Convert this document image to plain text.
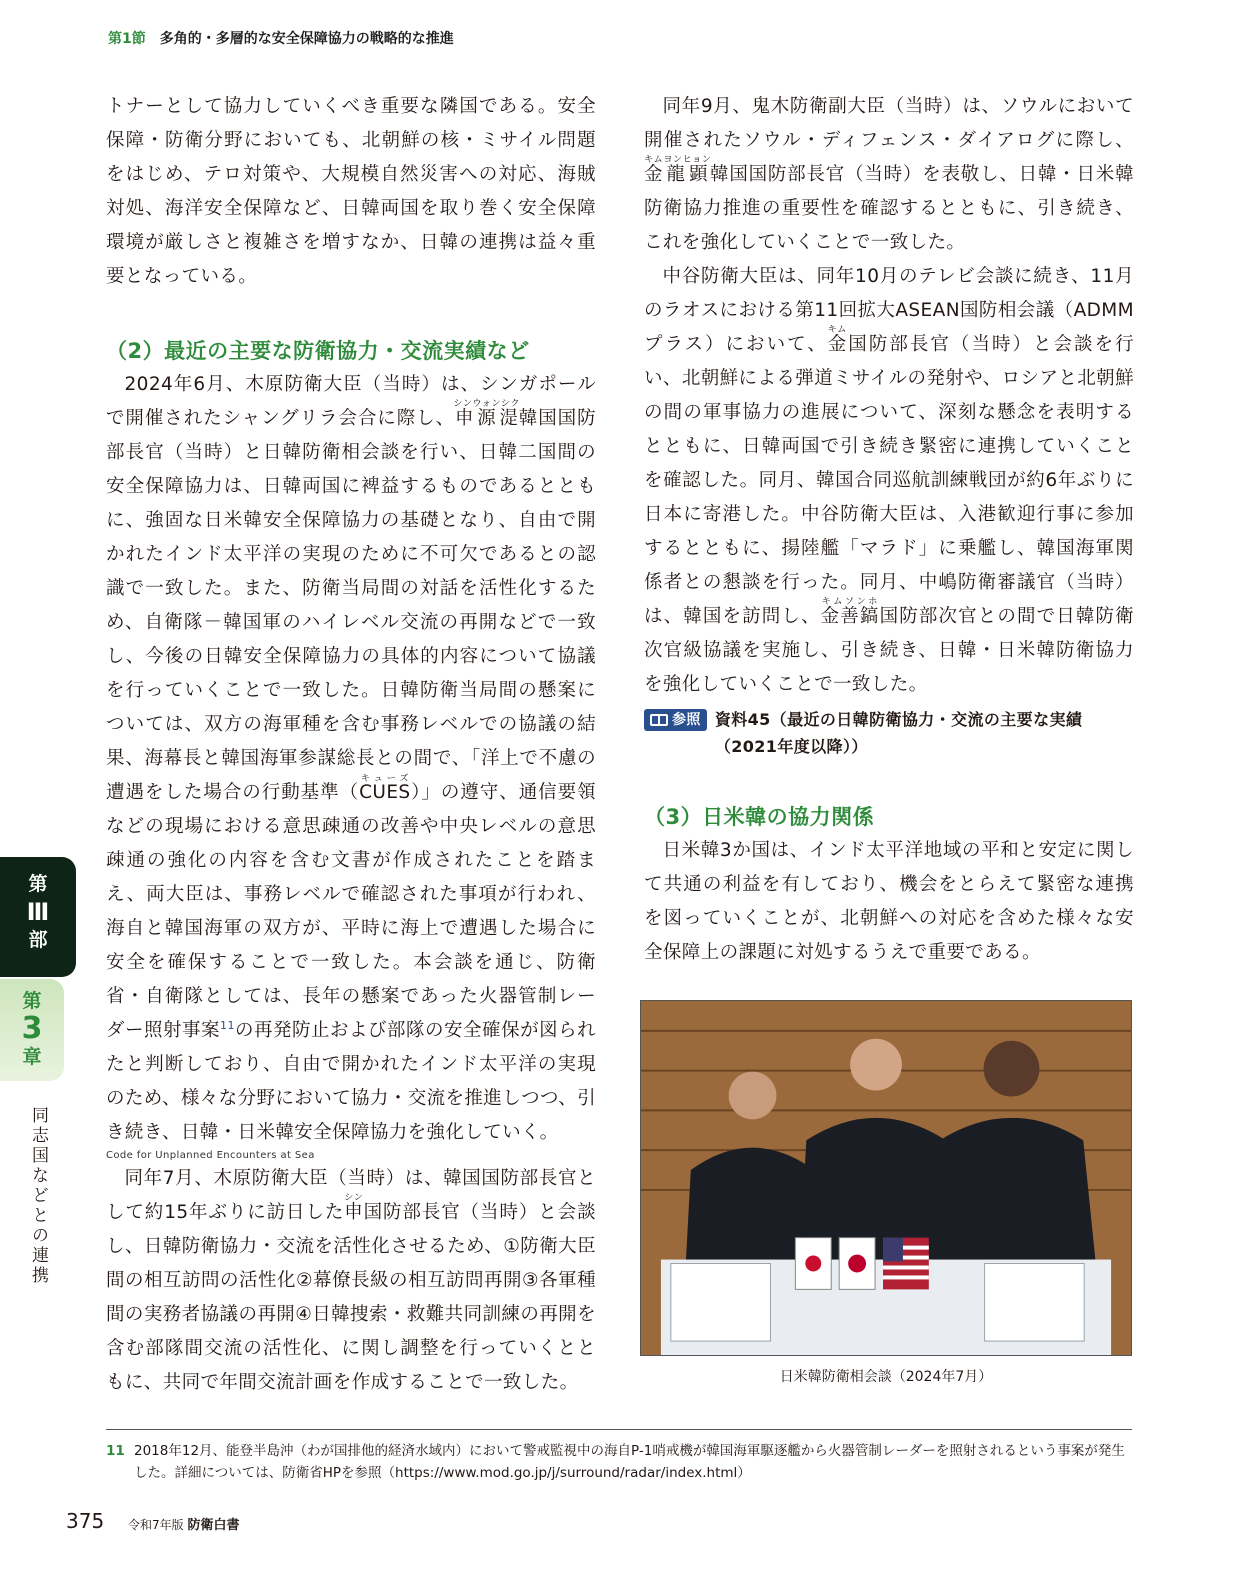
第1節 多角的・多層的な安全保障協力の戦略的な推進

トナーとして協力していくべき重要な隣国である。安全保障・防衛分野においても、北朝鮮の核・ミサイル問題をはじめ、テロ対策や、大規模自然災害への対応、海賊対処、海洋安全保障など、日韓両国を取り巻く安全保障環境が厳しさと複雑さを増すなか、日韓の連携は益々重要となっている。

（2）最近の主要な防衛協力・交流実績など

2024年6月、木原防衛大臣（当時）は、シンガポールで開催されたシャングリラ会合に際し、申源湜シンウォンシク韓国国防部長官（当時）と日韓防衛相会談を行い、日韓二国間の安全保障協力は、日韓両国に裨益するものであるとともに、強固な日米韓安全保障協力の基礎となり、自由で開かれたインド太平洋の実現のために不可欠であるとの認識で一致した。また、防衛当局間の対話を活性化するため、自衛隊－韓国軍のハイレベル交流の再開などで一致し、今後の日韓安全保障協力の具体的内容について協議を行っていくことで一致した。日韓防衛当局間の懸案については、双方の海軍種を含む事務レベルでの協議の結果、海幕長と韓国海軍参謀総長との間で、「洋上で不慮の遭遇をした場合の行動基準（CUESキューズ）」の遵守、通信要領などの現場における意思疎通の改善や中央レベルの意思疎通の強化の内容を含む文書が作成されたことを踏まえ、両大臣は、事務レベルで確認された事項が行われ、海自と韓国海軍の双方が、平時に海上で遭遇した場合に安全を確保することで一致した。本会談を通じ、防衛省・自衛隊としては、長年の懸案であった火器管制レーダー照射事案$^{11}$の再発防止および部隊の安全確保が図られたと判断しており、自由で開かれたインド太平洋の実現のため、様々な分野において協力・交流を推進しつつ、引き続き、日韓・日米韓安全保障協力を強化していく。
Code for Unplanned Encounters at Sea

同年7月、木原防衛大臣（当時）は、韓国国防部長官として約15年ぶりに訪日した申シン国防部長官（当時）と会談し、日韓防衛協力・交流を活性化させるため、①防衛大臣間の相互訪問の活性化②幕僚長級の相互訪問再開③各軍種間の実務者協議の再開④日韓捜索・救難共同訓練の再開を含む部隊間交流の活性化、に関し調整を行っていくとともに、共同で年間交流計画を作成することで一致した。

同年9月、鬼木防衛副大臣（当時）は、ソウルにおいて開催されたソウル・ディフェンス・ダイアログに際し、金龍顕キムヨンヒョン韓国国防部長官（当時）を表敬し、日韓・日米韓防衛協力推進の重要性を確認するとともに、引き続き、これを強化していくことで一致した。

中谷防衛大臣は、同年10月のテレビ会談に続き、11月のラオスにおける第11回拡大ASEAN国防相会議（ADMMプラス）において、金キム国防部長官（当時）と会談を行い、北朝鮮による弾道ミサイルの発射や、ロシアと北朝鮮の間の軍事協力の進展について、深刻な懸念を表明するとともに、日韓両国で引き続き緊密に連携していくことを確認した。同月、韓国合同巡航訓練戦団が約6年ぶりに日本に寄港した。中谷防衛大臣は、入港歓迎行事に参加するとともに、揚陸艦「マラド」に乗艦し、韓国海軍関係者との懇談を行った。同月、中嶋防衛審議官（当時）は、韓国を訪問し、金善鎬キムソンホ国防部次官との間で日韓防衛次官級協議を実施し、引き続き、日韓・日米韓防衛協力を強化していくことで一致した。

参照 資料45（最近の日韓防衛協力・交流の主要な実績（2021年度以降））
（3）日米韓の協力関係

日米韓3か国は、インド太平洋地域の平和と安定に関して共通の利益を有しており、機会をとらえて緊密な連携を図っていくことが、北朝鮮への対応を含めた様々な安全保障上の課題に対処するうえで重要である。

日米韓防衛相会談（2024年7月）
11 2018年12月、能登半島沖（わが国排他的経済水域内）において警戒監視中の海自P-1哨戒機が韓国海軍駆逐艦から火器管制レーダーを照射されるという事案が発生した。詳細については、防衛省HPを参照（https://www.mod.go.jp/j/surround/radar/index.html）
375 令和7年版 防衛白書
第
Ⅲ
部
第
3
章
同志国などとの連携
